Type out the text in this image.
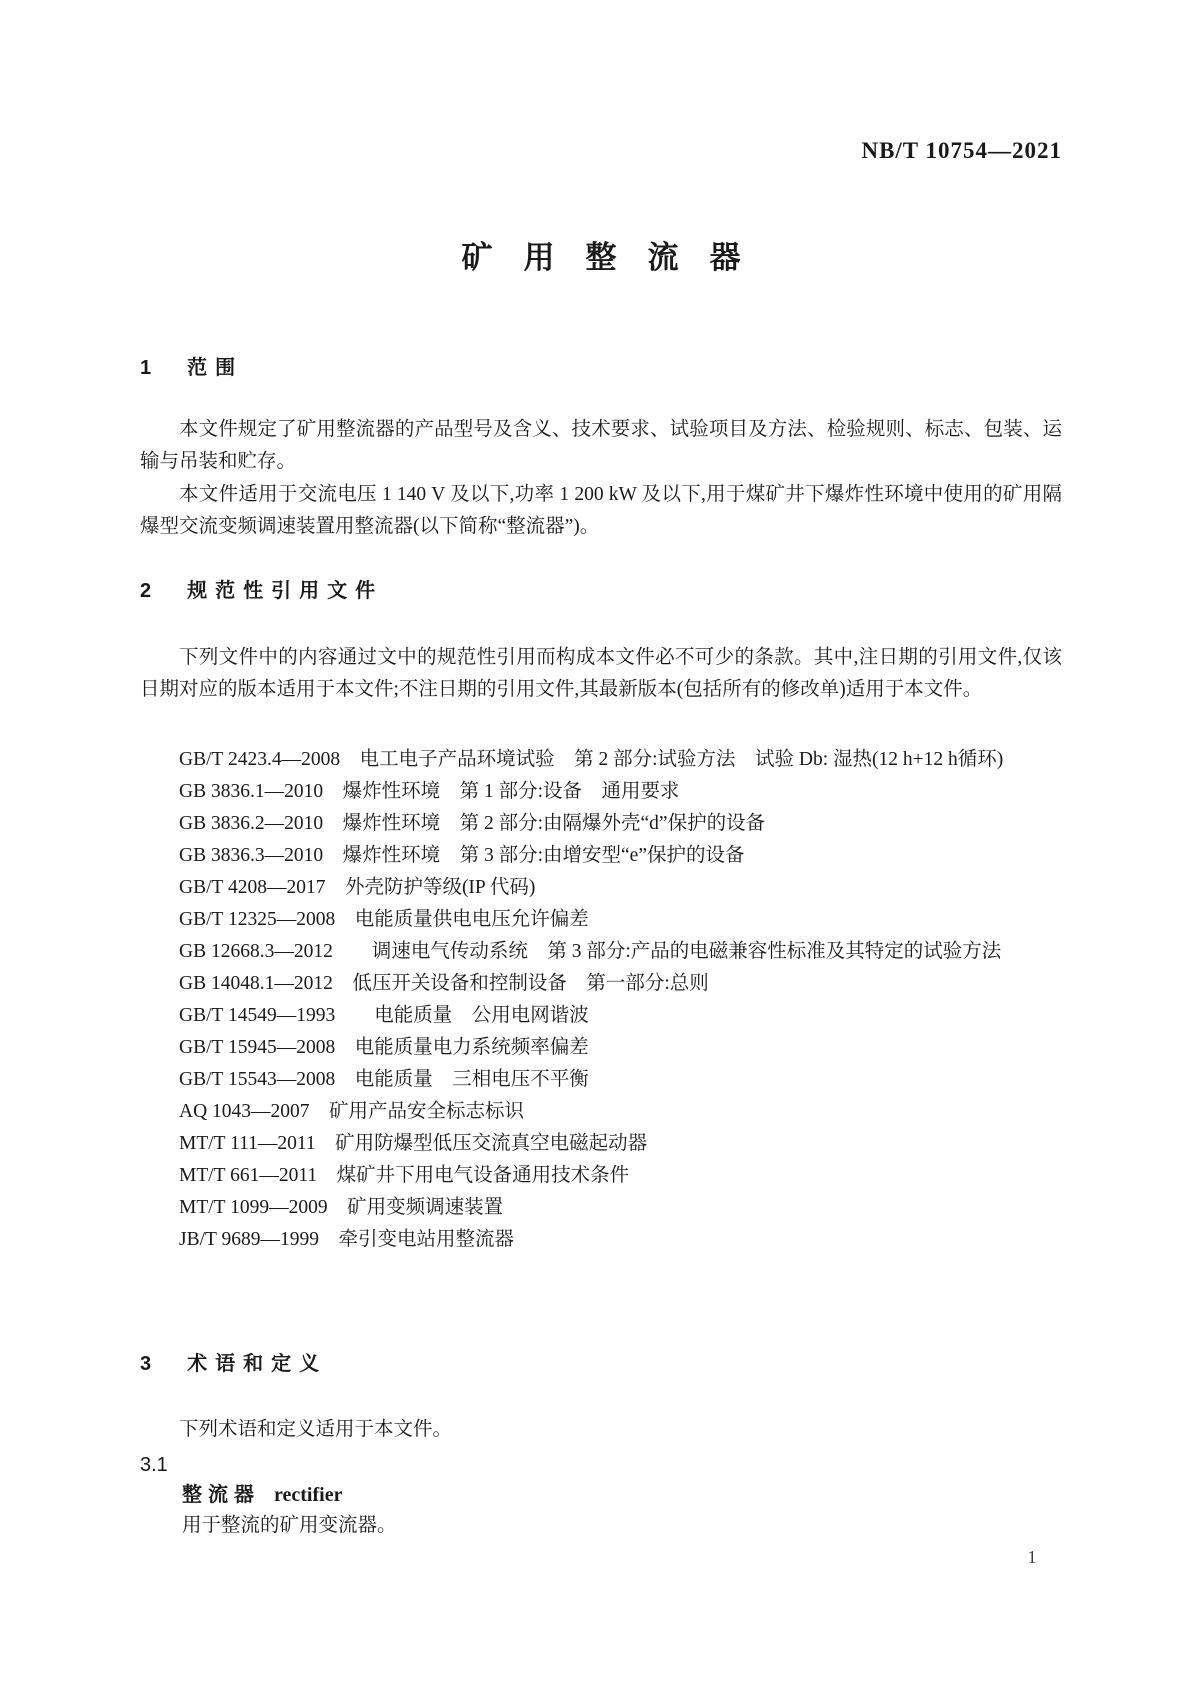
NB/T 10754—2021
矿　用　整　流　器
1　范围
本文件规定了矿用整流器的产品型号及含义、技术要求、试验项目及方法、检验规则、标志、包装、运输与吊装和贮存。
本文件适用于交流电压 1 140 V 及以下,功率 1 200 kW 及以下,用于煤矿井下爆炸性环境中使用的矿用隔爆型交流变频调速装置用整流器(以下简称“整流器”)。
2　规范性引用文件
下列文件中的内容通过文中的规范性引用而构成本文件必不可少的条款。其中,注日期的引用文件,仅该日期对应的版本适用于本文件;不注日期的引用文件,其最新版本(包括所有的修改单)适用于本文件。

GB/T 2423.4—2008　电工电子产品环境试验　第 2 部分:试验方法　试验 Db: 湿热(12 h+12 h循环)

GB 3836.1—2010　爆炸性环境　第 1 部分:设备　通用要求

GB 3836.2—2010　爆炸性环境　第 2 部分:由隔爆外壳“d”保护的设备

GB 3836.3—2010　爆炸性环境　第 3 部分:由增安型“e”保护的设备

GB/T 4208—2017　外壳防护等级(IP 代码)

GB/T 12325—2008　电能质量供电电压允许偏差

GB 12668.3—2012　　调速电气传动系统　第 3 部分:产品的电磁兼容性标准及其特定的试验方法

GB 14048.1—2012　低压开关设备和控制设备　第一部分:总则

GB/T 14549—1993　　电能质量　公用电网谐波

GB/T 15945—2008　电能质量电力系统频率偏差

GB/T 15543—2008　电能质量　三相电压不平衡

AQ 1043—2007　矿用产品安全标志标识

MT/T 111—2011　矿用防爆型低压交流真空电磁起动器

MT/T 661—2011　煤矿井下用电气设备通用技术条件

MT/T 1099—2009　矿用变频调速装置

JB/T 9689—1999　牵引变电站用整流器

3　术语和定义
下列术语和定义适用于本文件。
3.1
整流器 rectifier
用于整流的矿用变流器。
1
